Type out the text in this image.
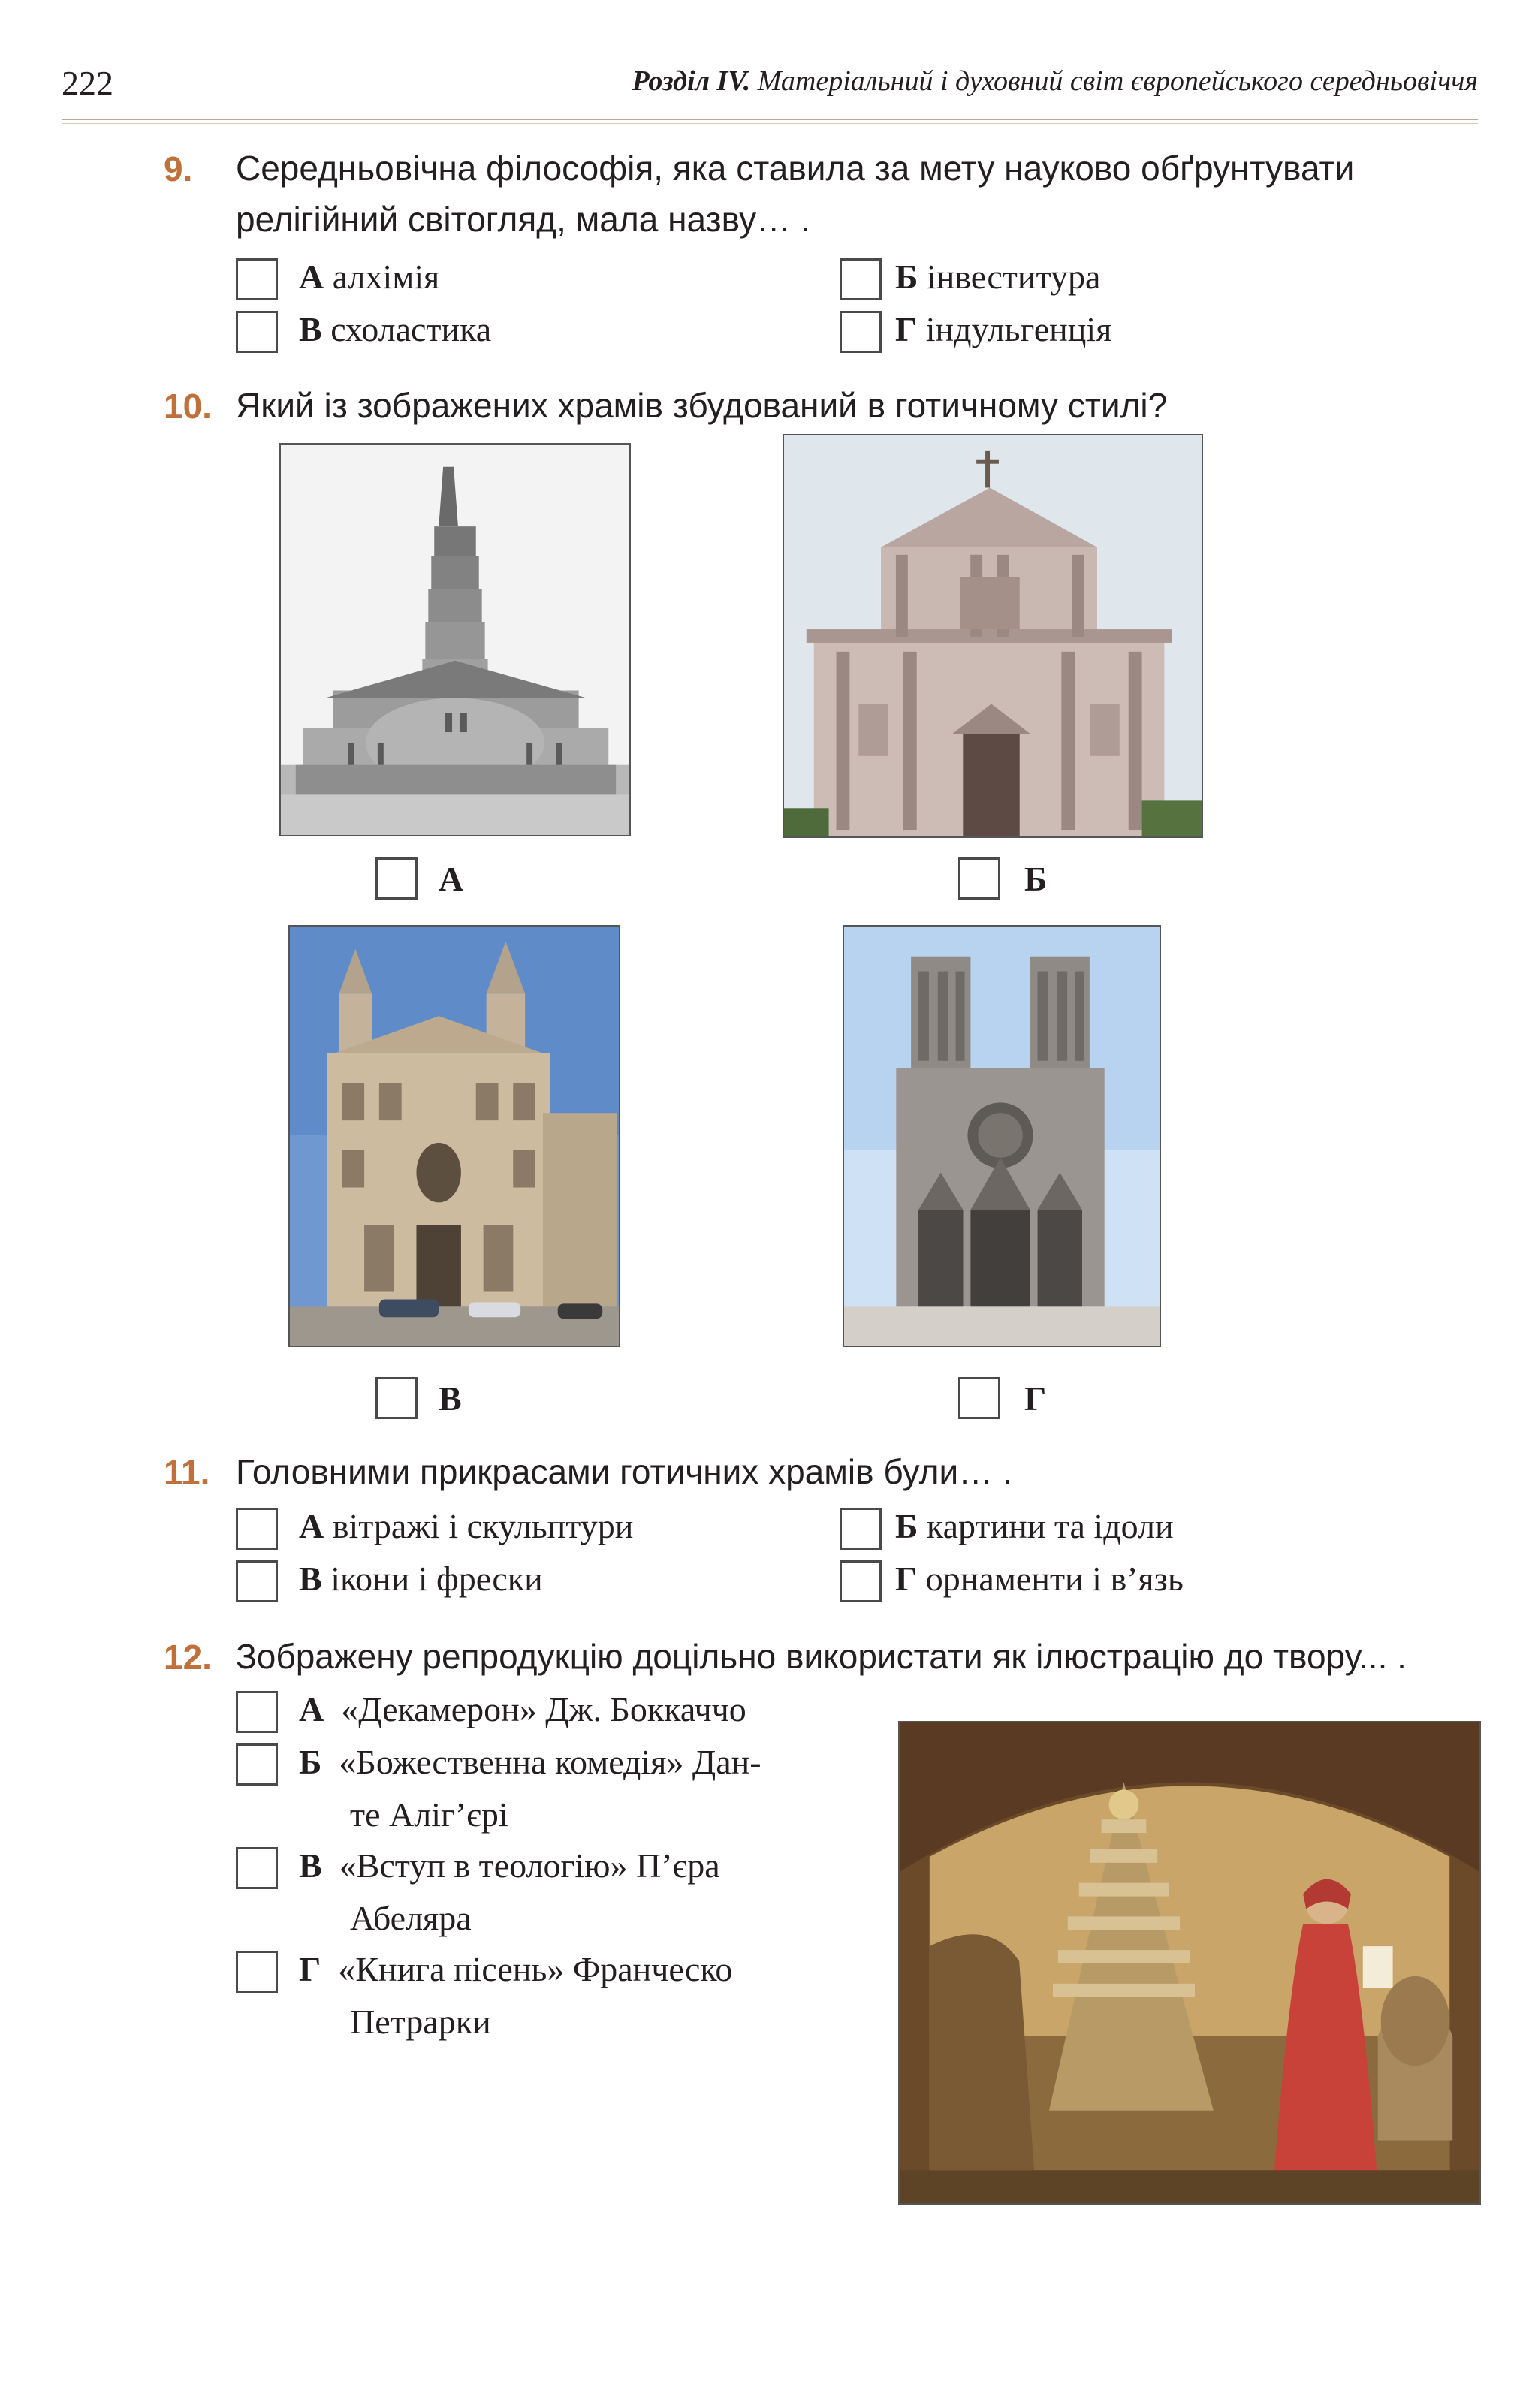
222	Розділ IV. Матеріальний і духовний світ європейського середньовіччя
9. Середньовічна філософія, яка ставила за мету науково обґрунтувати
релігійний світогляд, мала назву… .
А алхімія	Б інвеститура
В схоластика	Г індульгенція
10. Який із зображених храмів збудований в готичному стилі?
А	Б
В	Г
11. Головними прикрасами готичних храмів були… .
А вітражі і скульптури	Б картини та ідоли
В ікони і фрески	Г орнаменти і в’язь
12. Зображену репродукцію доцільно використати як ілюстрацію до твору... .
А «Декамерон» Дж. Боккаччо
Б «Божественна комедія» Дан-
те Аліг’єрі
В «Вступ в теологію» П’єра
Абеляра
Г «Книга пісень» Франческо
Петрарки
